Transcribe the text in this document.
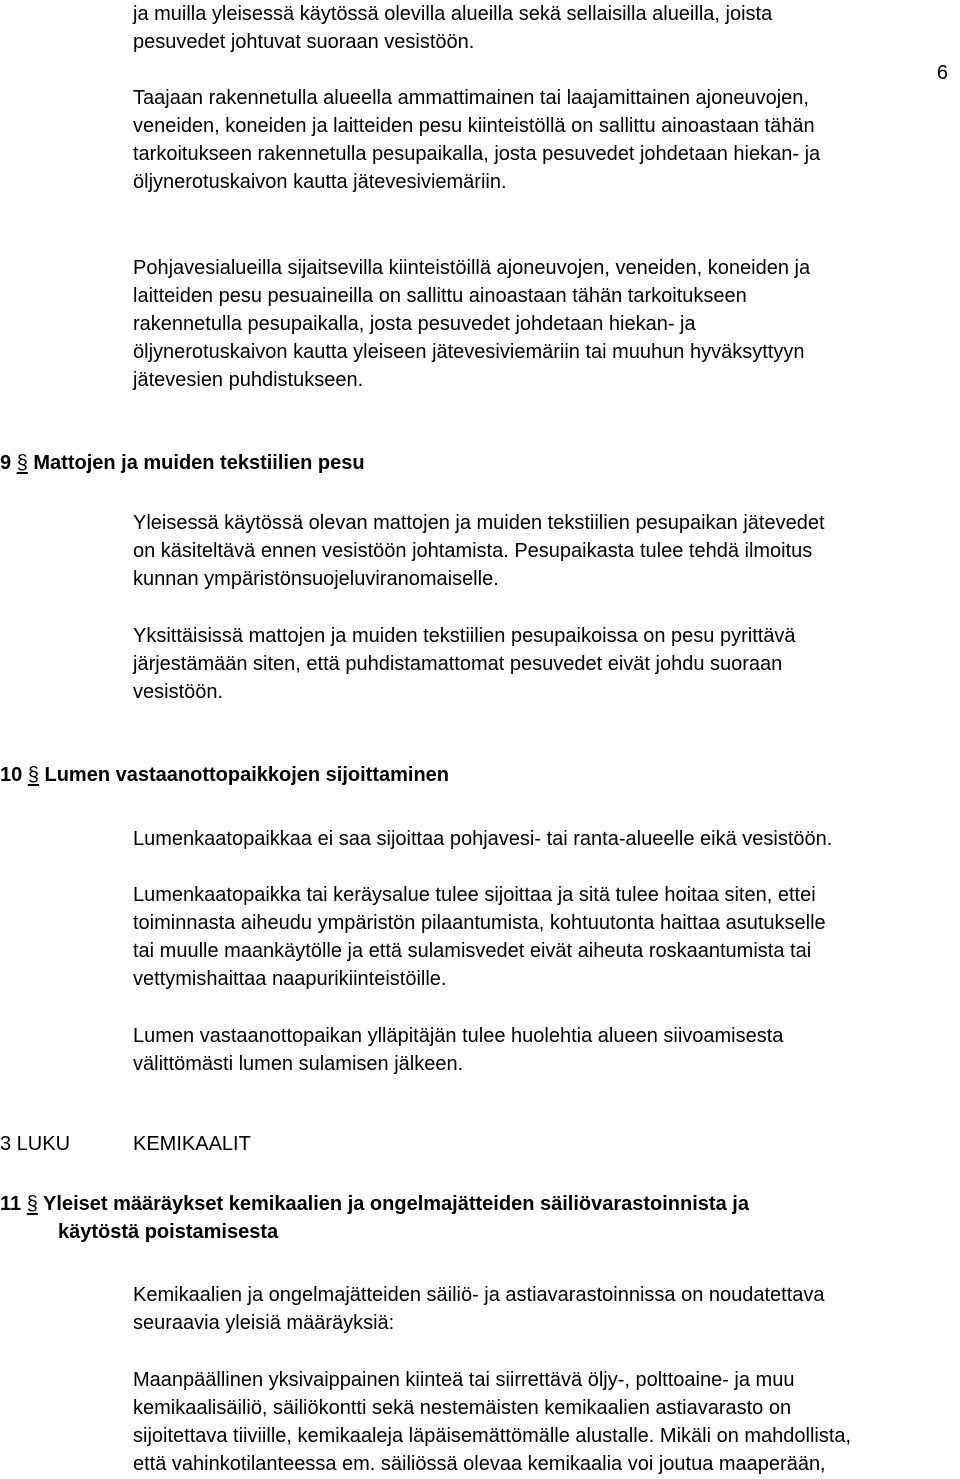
6

ja muilla yleisessä käytössä olevilla alueilla sekä sellaisilla alueilla, joista
pesuvedet johtuvat suoraan vesistöön.

Taajaan rakennetulla alueella ammattimainen tai laajamittainen ajoneuvojen,
veneiden, koneiden ja laitteiden pesu kiinteistöllä on sallittu ainoastaan tähän
tarkoitukseen rakennetulla pesupaikalla, josta pesuvedet johdetaan hiekan- ja
öljynerotuskaivon kautta jätevesiviemäriin.

Pohjavesialueilla sijaitsevilla kiinteistöillä ajoneuvojen, veneiden, koneiden ja
laitteiden pesu pesuaineilla on sallittu ainoastaan tähän tarkoitukseen
rakennetulla pesupaikalla, josta pesuvedet johdetaan hiekan- ja
öljynerotuskaivon kautta yleiseen jätevesiviemäriin tai muuhun hyväksyttyyn
jätevesien puhdistukseen.

9 § Mattojen ja muiden tekstiilien pesu

Yleisessä käytössä olevan mattojen ja muiden tekstiilien pesupaikan jätevedet
on käsiteltävä ennen vesistöön johtamista. Pesupaikasta tulee tehdä ilmoitus
kunnan ympäristönsuojeluviranomaiselle.

Yksittäisissä mattojen ja muiden tekstiilien pesupaikoissa on pesu pyrittävä
järjestämään siten, että puhdistamattomat pesuvedet eivät johdu suoraan
vesistöön.

10 § Lumen vastaanottopaikkojen sijoittaminen

Lumenkaatopaikkaa ei saa sijoittaa pohjavesi- tai ranta-alueelle eikä vesistöön.

Lumenkaatopaikka tai keräysalue tulee sijoittaa ja sitä tulee hoitaa siten, ettei
toiminnasta aiheudu ympäristön pilaantumista, kohtuutonta haittaa asutukselle
tai muulle maankäytölle ja että sulamisvedet eivät aiheuta roskaantumista tai
vettymishaittaa naapurikiinteistöille.

Lumen vastaanottopaikan ylläpitäjän tulee huolehtia alueen siivoamisesta
välittömästi lumen sulamisen jälkeen.

3 LUKU	KEMIKAALIT
11 § Yleiset määräykset kemikaalien ja ongelmajätteiden säiliövarastoinnista ja
käytöstä poistamisesta

Kemikaalien ja ongelmajätteiden säiliö- ja astiavarastoinnissa on noudatettava
seuraavia yleisiä määräyksiä:

Maanpäällinen yksivaippainen kiinteä tai siirrettävä öljy-, polttoaine- ja muu
kemikaalisäiliö, säiliökontti sekä nestemäisten kemikaalien astiavarasto on
sijoitettava tiiviille, kemikaaleja läpäisemättömälle alustalle. Mikäli on mahdollista,
että vahinkotilanteessa em. säiliössä olevaa kemikaalia voi joutua maaperään,
